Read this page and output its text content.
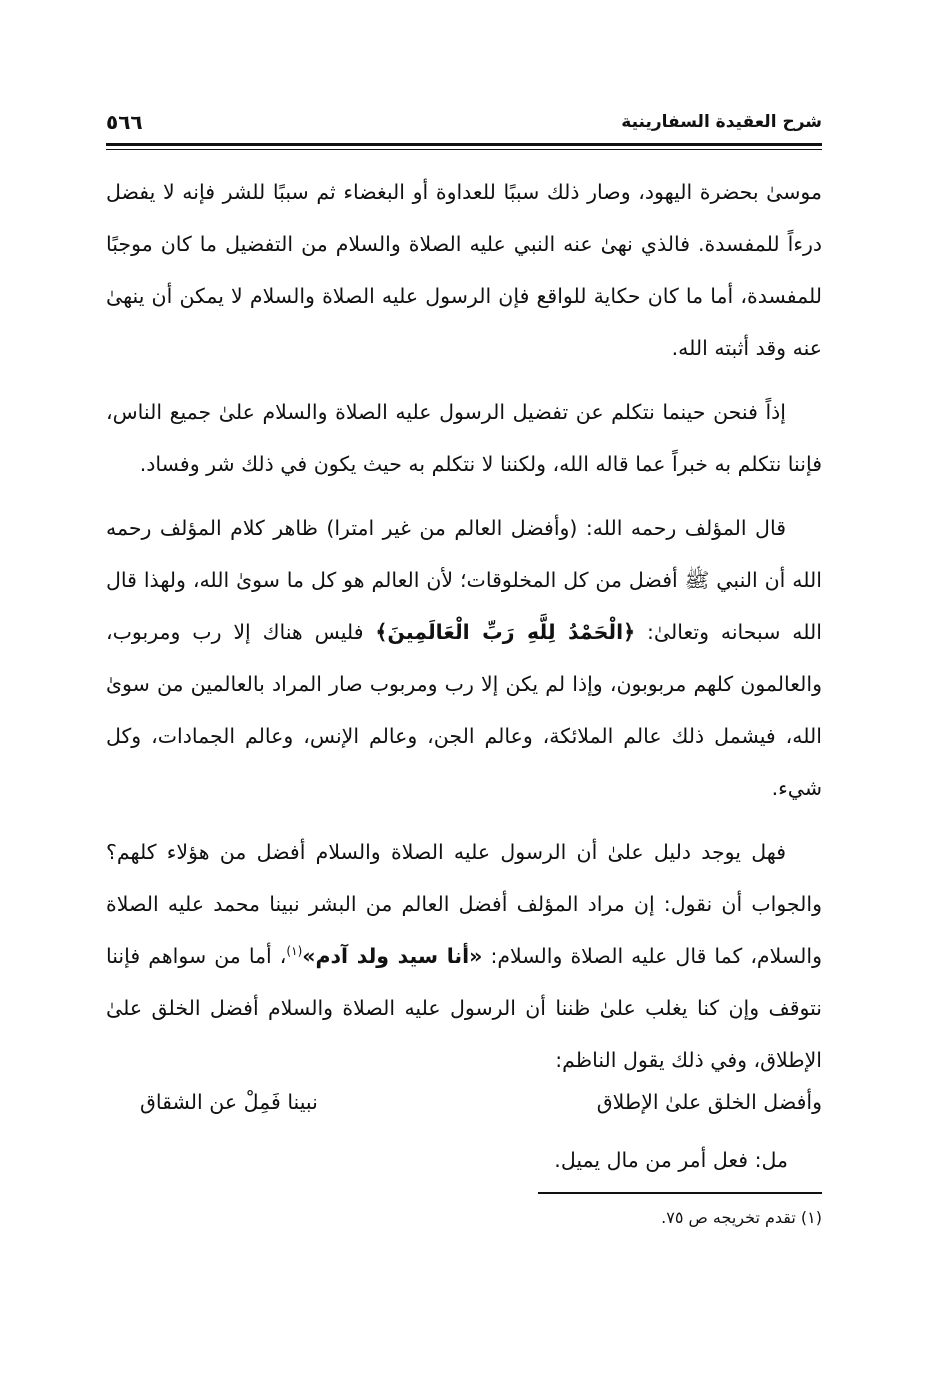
شرح العقيدة السفارينية
٥٦٦

موسىٰ بحضرة اليهود، وصار ذلك سببًا للعداوة أو البغضاء ثم سببًا للشر فإنه لا يفضل درءاً للمفسدة. فالذي نهىٰ عنه النبي عليه الصلاة والسلام من التفضيل ما كان موجبًا للمفسدة، أما ما كان حكاية للواقع فإن الرسول عليه الصلاة والسلام لا يمكن أن ينهىٰ عنه وقد أثبته الله.

إذاً فنحن حينما نتكلم عن تفضيل الرسول عليه الصلاة والسلام علىٰ جميع الناس، فإننا نتكلم به خبراً عما قاله الله، ولكننا لا نتكلم به حيث يكون في ذلك شر وفساد.

قال المؤلف رحمه الله: (وأفضل العالم من غير امترا) ظاهر كلام المؤلف رحمه الله أن النبي ﷺ أفضل من كل المخلوقات؛ لأن العالم هو كل ما سوىٰ الله، ولهذا قال الله سبحانه وتعالىٰ: ﴿الْحَمْدُ لِلَّهِ رَبِّ الْعَالَمِينَ﴾ فليس هناك إلا رب ومربوب، والعالمون كلهم مربوبون، وإذا لم يكن إلا رب ومربوب صار المراد بالعالمين من سوىٰ الله، فيشمل ذلك عالم الملائكة، وعالم الجن، وعالم الإنس، وعالم الجمادات، وكل شيء.

فهل يوجد دليل علىٰ أن الرسول عليه الصلاة والسلام أفضل من هؤلاء كلهم؟ والجواب أن نقول: إن مراد المؤلف أفضل العالم من البشر نبينا محمد عليه الصلاة والسلام، كما قال عليه الصلاة والسلام: «أنا سيد ولد آدم»$^{(١)}$، أما من سواهم فإننا نتوقف وإن كنا يغلب علىٰ ظننا أن الرسول عليه الصلاة والسلام أفضل الخلق علىٰ الإطلاق، وفي ذلك يقول الناظم:

وأفضل الخلق علىٰ الإطلاق
نبينا فَمِلْ عن الشقاق
مل: فعل أمر من مال يميل.
(١) تقدم تخريجه ص ٧٥.
